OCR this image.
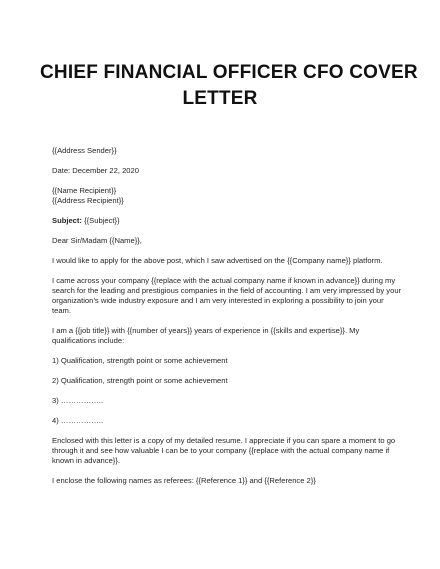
CHIEF FINANCIAL OFFICER CFO COVER
LETTER

{{Address Sender}}

Date: December 22, 2020

{{Name Recipient}}
{{Address Recipient}}

Subject: {{Subject}}

Dear Sir/Madam {{Name}},

I would like to apply for the above post, which I saw advertised on the {{Company name}} platform.

I came across your company {{replace with the actual company name if known in advance}} during my
search for the leading and prestigious companies in the field of accounting. I am very impressed by your
organization’s wide industry exposure and I am very interested in exploring a possibility to join your
team.

I am a {{job title}} with {{number of years}} years of experience in {{skills and expertise}}. My
qualifications include:

1) Qualification, strength point or some achievement

2) Qualification, strength point or some achievement

3) ……………..

4) ……………..

Enclosed with this letter is a copy of my detailed resume. I appreciate if you can spare a moment to go
through it and see how valuable I can be to your company {{replace with the actual company name if
known in advance}}.

I enclose the following names as referees: {{Reference 1}} and {{Reference 2}}
